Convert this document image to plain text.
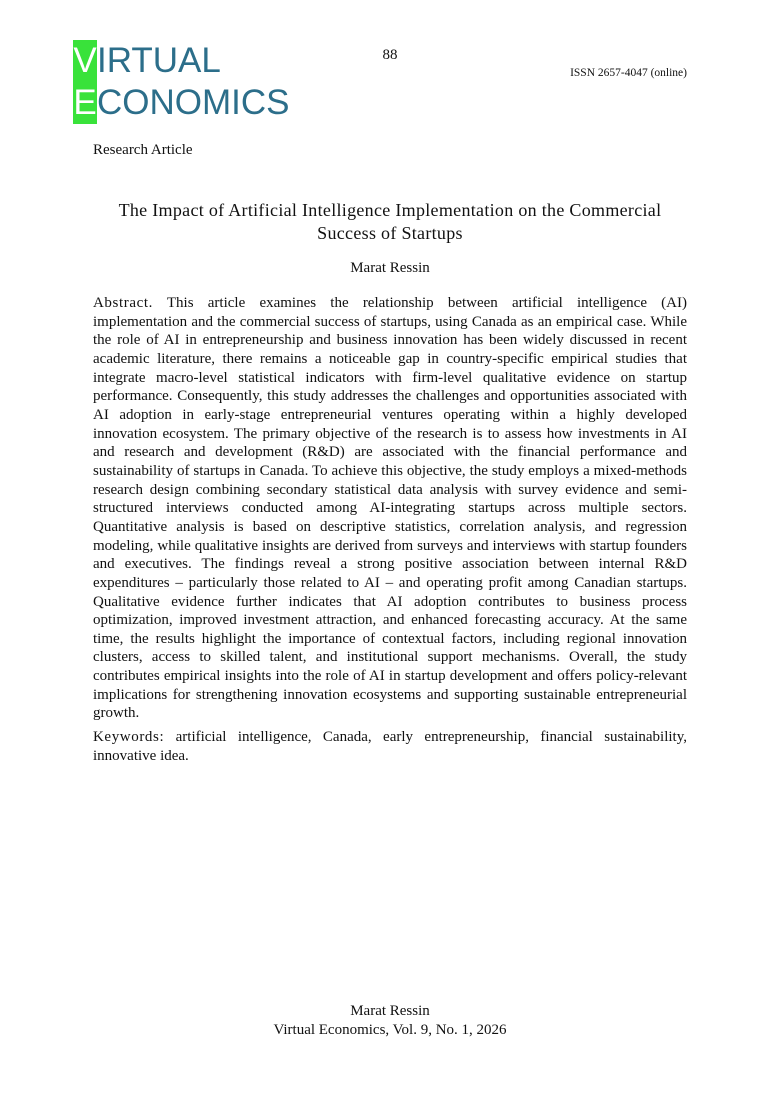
VIRTUAL
ECONOMICS
88
ISSN 2657-4047 (online)
Research Article
The Impact of Artificial Intelligence Implementation on the Commercial Success of Startups
Marat Ressin

Abstract. This article examines the relationship between artificial intelligence (AI) implementation and the commercial success of startups, using Canada as an empirical case. While the role of AI in entrepreneurship and business innovation has been widely discussed in recent academic literature, there remains a noticeable gap in country-specific empirical studies that integrate macro-level statistical indicators with firm-level qualitative evidence on startup performance. Consequently, this study addresses the challenges and opportunities associated with AI adoption in early-stage entrepreneurial ventures operating within a highly developed innovation ecosystem. The primary objective of the research is to assess how investments in AI and research and development (R&D) are associated with the financial performance and sustainability of startups in Canada. To achieve this objective, the study employs a mixed-methods research design combining secondary statistical data analysis with survey evidence and semi-structured interviews conducted among AI-integrating startups across multiple sectors. Quantitative analysis is based on descriptive statistics, correlation analysis, and regression modeling, while qualitative insights are derived from surveys and interviews with startup founders and executives. The findings reveal a strong positive association between internal R&D expenditures – particularly those related to AI – and operating profit among Canadian startups. Qualitative evidence further indicates that AI adoption contributes to business process optimization, improved investment attraction, and enhanced forecasting accuracy. At the same time, the results highlight the importance of contextual factors, including regional innovation clusters, access to skilled talent, and institutional support mechanisms. Overall, the study contributes empirical insights into the role of AI in startup development and offers policy-relevant implications for strengthening innovation ecosystems and supporting sustainable entrepreneurial growth.

Keywords: artificial intelligence, Canada, early entrepreneurship, financial sustainability, innovative idea.

Marat Ressin
Virtual Economics, Vol. 9, No. 1, 2026
